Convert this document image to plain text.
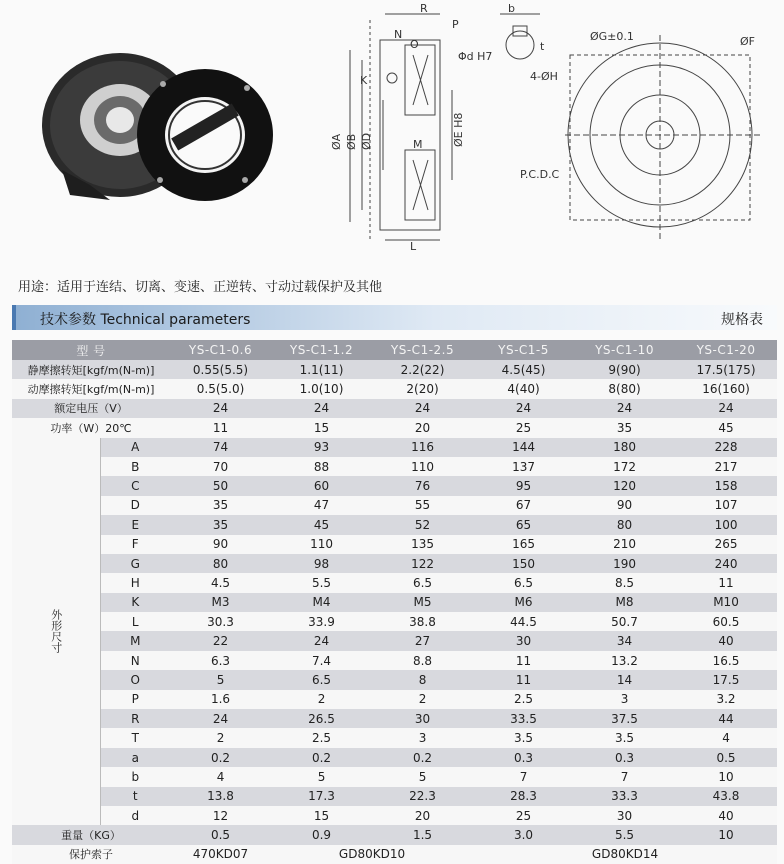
R
N
O
P
K
ØA ØB ØD	ØE H8
M
L
b
Φd H7
t
4-ØH
ØG±0.1	ØF
P.C.D.C
用途：适用于连结、切离、变速、正逆转、寸动过载保护及其他
技术参数 Technical parameters	规格表
型 号		YS-C1-0.6	YS-C1-1.2	YS-C1-2.5	YS-C1-5	YS-C1-10	YS-C1-20
静摩擦转矩[kgf/m(N-m)]		0.55(5.5)	1.1(11)	2.2(22)	4.5(45)	9(90)	17.5(175)
动摩擦转矩[kgf/m(N-m)]		0.5(5.0)	1.0(10)	2(20)	4(40)	8(80)	16(160)
额定电压（V）		24	24	24	24	24	24
功率（W）20℃		11	15	20	25	35	45
外形尺寸	A	74	93	116	144	180	228
	B	70	88	110	137	172	217
	C	50	60	76	95	120	158
	D	35	47	55	67	90	107
	E	35	45	52	65	80	100
	F	90	110	135	165	210	265
	G	80	98	122	150	190	240
	H	4.5	5.5	6.5	6.5	8.5	11
	K	M3	M4	M5	M6	M8	M10
	L	30.3	33.9	38.8	44.5	50.7	60.5
	M	22	24	27	30	34	40
	N	6.3	7.4	8.8	11	13.2	16.5
	O	5	6.5	8	11	14	17.5
	P	1.6	2	2	2.5	3	3.2
	R	24	26.5	30	33.5	37.5	44
	T	2	2.5	3	3.5	3.5	4
	a	0.2	0.2	0.2	0.3	0.3	0.5
	b	4	5	5	7	7	10
	t	13.8	17.3	22.3	28.3	33.3	43.8
	d	12	15	20	25	30	40
重量（KG）		0.5	0.9	1.5	3.0	5.5	10
保护索子		470KD07	GD80KD10		GD80KD14		
